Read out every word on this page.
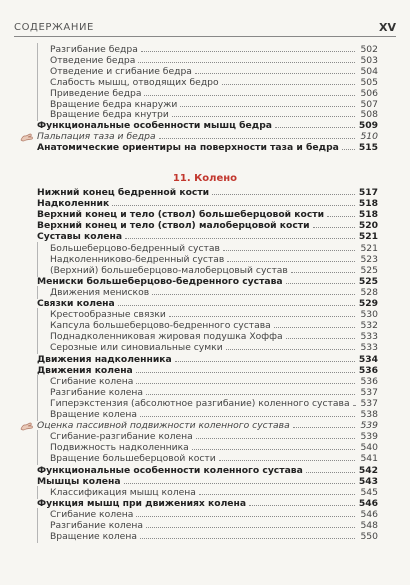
СОДЕРЖАНИЕ	XV
Разгибание бедра	502
Отведение бедра	503
Отведение и сгибание бедра	504
Слабость мышц, отводящих бедро	505
Приведение бедра	506
Вращение бедра кнаружи	507
Вращение бедра кнутри	508
Функциональные особенности мышц бедра	509
Пальпация таза и бедра	510
Анатомические ориентиры на поверхности таза и бедра 515
Нижний конец бедренной кости	517
Надколенник	518
Верхний конец и тело (ствол) большеберцовой кости	518
Верхний конец и тело (ствол) малоберцовой кости	520
Суставы колена	521
Большеберцово-бедренный сустав	521
Надколенниково-бедренный сустав	523
(Верхний) большеберцово-малоберцовый сустав	525
Мениски большеберцово-бедренного сустава	525
Движения менисков	528
Связки колена	529
Крестообразные связки	530
Капсула большеберцово-бедренного сустава	532
Поднадколенниковая жировая подушка Хоффа	533
Серозные или синовиальные сумки	533
Движения надколенника	534
Движения колена	536
Сгибание колена	536
Разгибание колена	537
Гиперэкстензия (абсолютное разгибание) коленного сустава 537
Вращение колена	538
Оценка пассивной подвижности коленного сустава	539
Сгибание-разгибание колена	539
Подвижность надколенника	540
Вращение большеберцовой кости	541
Функциональные особенности коленного сустава	542
Мышцы колена	543
Классификация мышц колена	545
Функция мышц при движениях колена	546
Сгибание колена	546
Разгибание колена	548
Вращение колена	550
11. Колено
